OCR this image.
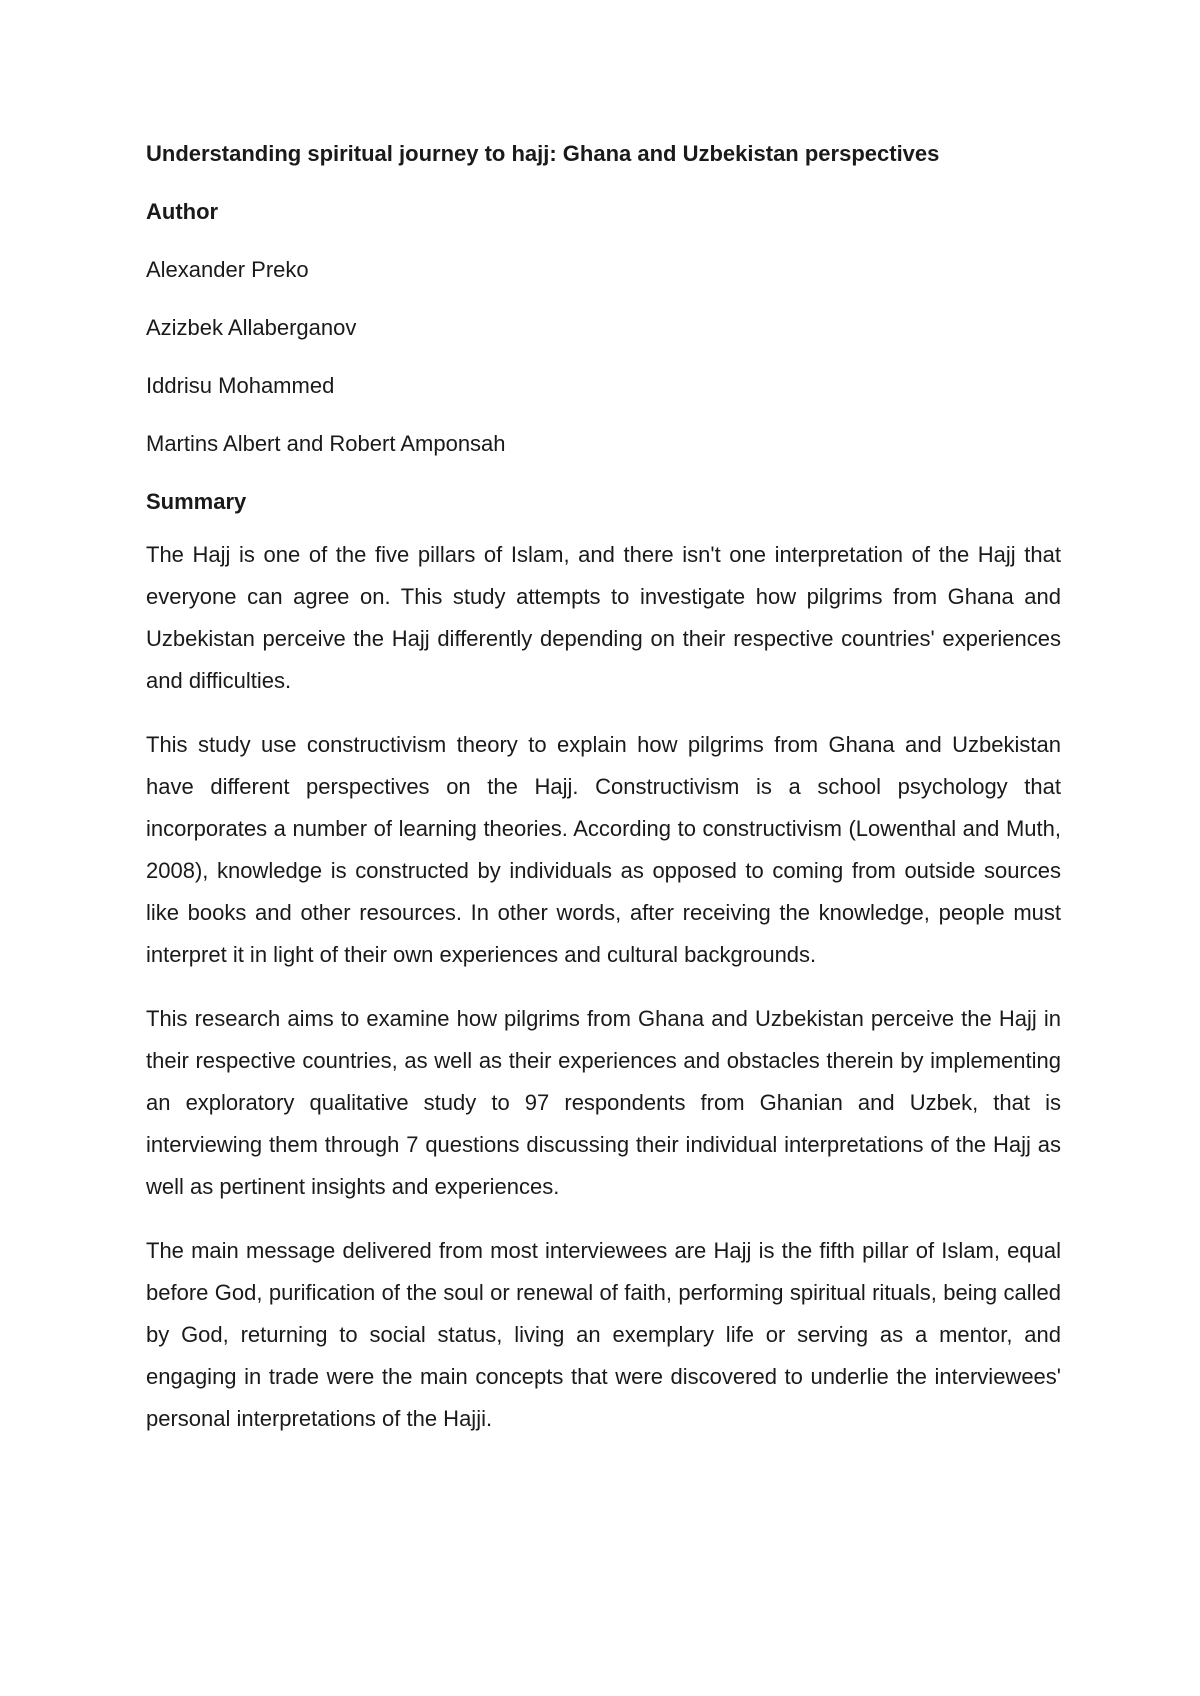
Understanding spiritual journey to hajj: Ghana and Uzbekistan perspectives
Author
Alexander Preko
Azizbek Allaberganov
Iddrisu Mohammed
Martins Albert and Robert Amponsah
Summary

The Hajj is one of the five pillars of Islam, and there isn't one interpretation of the Hajj that everyone can agree on. This study attempts to investigate how pilgrims from Ghana and Uzbekistan perceive the Hajj differently depending on their respective countries' experiences and difficulties.

This study use constructivism theory to explain how pilgrims from Ghana and Uzbekistan have different perspectives on the Hajj. Constructivism is a school psychology that incorporates a number of learning theories. According to constructivism (Lowenthal and Muth, 2008), knowledge is constructed by individuals as opposed to coming from outside sources like books and other resources. In other words, after receiving the knowledge, people must interpret it in light of their own experiences and cultural backgrounds.

This research aims to examine how pilgrims from Ghana and Uzbekistan perceive the Hajj in their respective countries, as well as their experiences and obstacles therein by implementing an exploratory qualitative study to 97 respondents from Ghanian and Uzbek, that is interviewing them through 7 questions discussing their individual interpretations of the Hajj as well as pertinent insights and experiences.

The main message delivered from most interviewees are Hajj is the fifth pillar of Islam, equal before God, purification of the soul or renewal of faith, performing spiritual rituals, being called by God, returning to social status, living an exemplary life or serving as a mentor, and engaging in trade were the main concepts that were discovered to underlie the interviewees' personal interpretations of the Hajji.
